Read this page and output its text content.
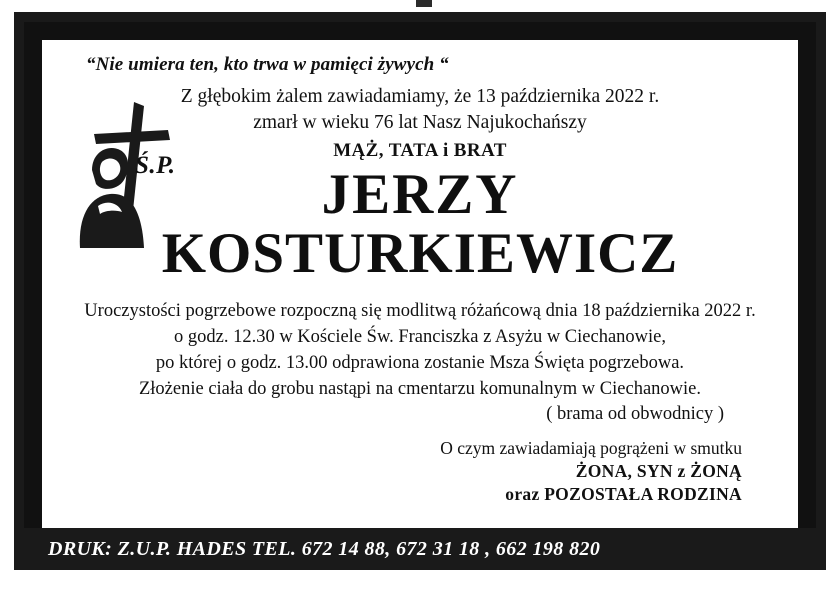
“Nie umiera ten, kto trwa w pamięci żywych “
Ś.P.
Z głębokim żalem zawiadamiamy, że 13 października 2022 r.
zmarł w wieku 76 lat Nasz Najukochańszy
MĄŻ, TATA i BRAT
JERZY
KOSTURKIEWICZ
Uroczystości pogrzebowe rozpoczną się modlitwą różańcową dnia 18 października 2022 r.
o godz. 12.30 w Kościele Św. Franciszka z Asyżu w Ciechanowie,
po której o godz. 13.00 odprawiona zostanie Msza Święta pogrzebowa.
Złożenie ciała do grobu nastąpi na cmentarzu komunalnym w Ciechanowie.
( brama od obwodnicy )
O czym zawiadamiają pogrążeni w smutku
ŻONA, SYN z ŻONĄ
oraz POZOSTAŁA RODZINA
DRUK: Z.U.P. HADES TEL. 672 14 88, 672 31 18 , 662 198 820
